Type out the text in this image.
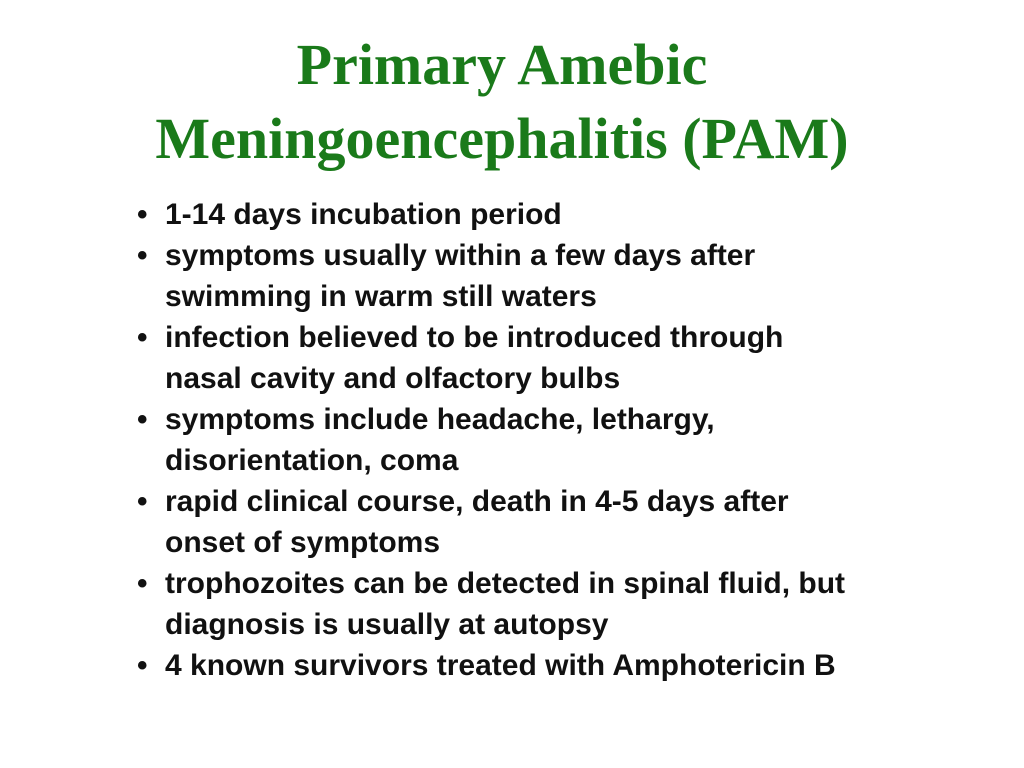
Primary Amebic
Meningoencephalitis (PAM)
• 1-14 days incubation period
• symptoms usually within a few days after
swimming in warm still waters
• infection believed to be introduced through
nasal cavity and olfactory bulbs
• symptoms include headache, lethargy,
disorientation, coma
• rapid clinical course, death in 4-5 days after
onset of symptoms
• trophozoites can be detected in spinal fluid, but
diagnosis is usually at autopsy
• 4 known survivors treated with Amphotericin B
